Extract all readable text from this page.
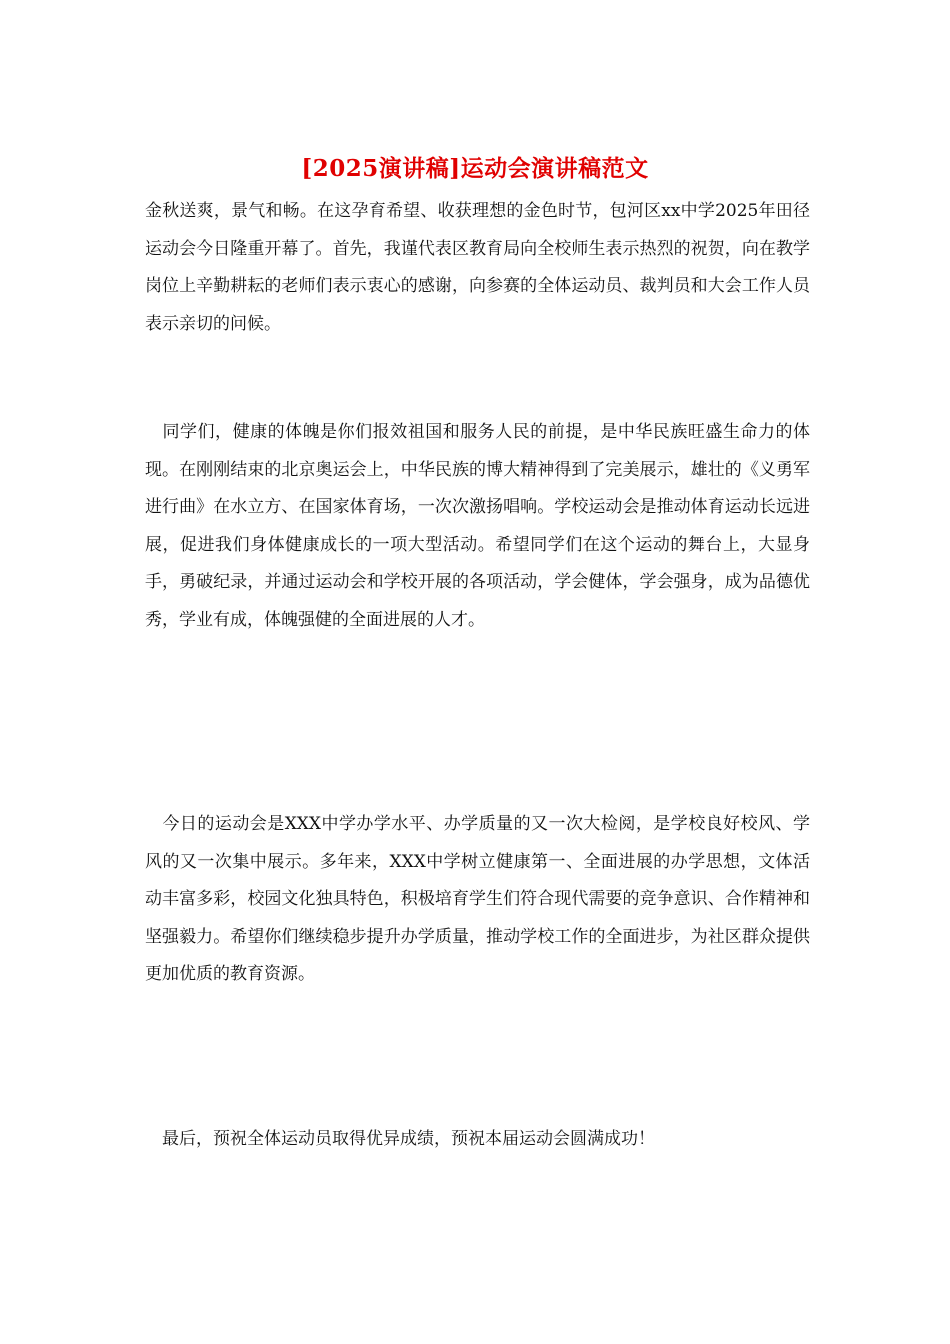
[2025演讲稿]运动会演讲稿范文

金秋送爽，景气和畅。在这孕育希望、收获理想的金色时节，包河区xx中学2025年田径运动会今日隆重开幕了。首先，我谨代表区教育局向全校师生表示热烈的祝贺，向在教学岗位上辛勤耕耘的老师们表示衷心的感谢，向参赛的全体运动员、裁判员和大会工作人员表示亲切的问候。

　同学们，健康的体魄是你们报效祖国和服务人民的前提，是中华民族旺盛生命力的体现。在刚刚结束的北京奥运会上，中华民族的博大精神得到了完美展示，雄壮的《义勇军进行曲》在水立方、在国家体育场，一次次激扬唱响。学校运动会是推动体育运动长远进展，促进我们身体健康成长的一项大型活动。希望同学们在这个运动的舞台上，大显身手，勇破纪录，并通过运动会和学校开展的各项活动，学会健体，学会强身，成为品德优秀，学业有成，体魄强健的全面进展的人才。

　今日的运动会是XXX中学办学水平、办学质量的又一次大检阅，是学校良好校风、学风的又一次集中展示。多年来，XXX中学树立健康第一、全面进展的办学思想，文体活动丰富多彩，校园文化独具特色，积极培育学生们符合现代需要的竞争意识、合作精神和坚强毅力。希望你们继续稳步提升办学质量，推动学校工作的全面进步，为社区群众提供更加优质的教育资源。

　最后，预祝全体运动员取得优异成绩，预祝本届运动会圆满成功！
